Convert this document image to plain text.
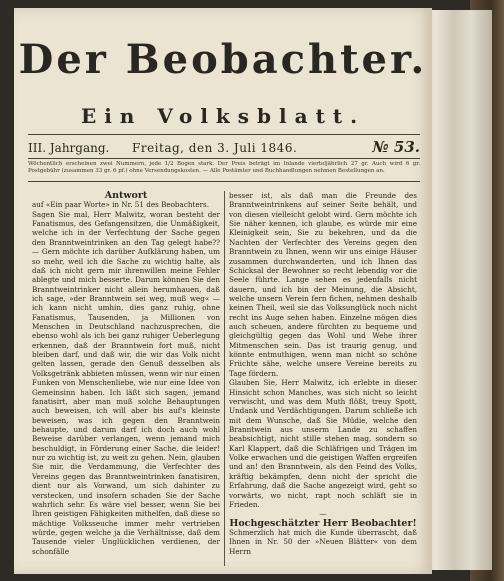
Der Beobachter.
Ein Volksblatt.
III. Jahrgang. Freitag, den 3. Juli 1846.	№ 53.
Wöchentlich erscheinen zwei Nummern, jede 1/2 Bogen stark. Der Preis beträgt im Inlande vierteljährlich 27 gr. Auch wird 6 gr. Postgebühr (zusammen 33 gr. 6 pf.) ohne Versendungskosten. — Alle Postämter und Buchhandlungen nehmen Bestellungen an.

Antwort

auf «Ein paar Worte» in Nr. 51 des Beobachters.

Sagen Sie mal, Herr Malwitz, woran besteht der Fanatismus, des Gefangensitzen, die Unmäßigkeit, welche ich in der Verfechtung der Sache gegen den Branntweintrinken an den Tag gelegt habe?? — Gern möchte ich darüber Aufklärung haben, um so mehr, weil ich die Sache zu wichtig halte, als daß ich nicht gern mir ihrenwillen meine Fehler ablegte und mich besserte. Darum können Sie den Branntweintrinker nicht allein herumhauen, daß ich sage, »der Branntwein sei weg, muß weg« — ich kann nicht umhin, dies ganz ruhig, ohne Fanatismus, Tausenden, ja Millionen von Menschen in Deutschland nachzusprechen, die ebenso wohl als ich bei ganz ruhiger Ueberlegung erkennen, daß der Branntwein fort muß, nicht bleiben darf, und daß wir, die wir das Volk nicht gelten lassen, gerade den Genuß desselben als Volksgetränk abbieten müssen, wenn wir nur einen Funken von Menschenliebe, wie nur eine Idee von Gemeinsinn haben. Ich läßt sich sagen, jemand fanatisirt, aber man muß solche Behauptungen auch beweisen, ich will aber bis auf's kleinste beweisen, was ich gegen den Branntwein behaupte, und darum darf ich doch auch wohl Beweise darüber verlangen, wenn jemand mich beschuldigt, in Förderung einer Sache, die leider! nur zu wichtig ist, zu weit zu gehen. Nein, glauben Sie mir, die Verdammung, die Verfechter des Vereins gegen das Branntweintrinken fanatisiren, dient nur als Vorwand, um sich dahinter zu verstecken, und insofern schaden Sie der Sache wahrlich sehr. Es wäre viel besser, wenn Sie bei Ihren geistigen Fähigkeiten mithelfen, daß diese so mächtige Volksseuche immer mehr vertrieben würde, gegen welche ja die Verhältnisse, daß dem Tausende vieler Unglücklichen verdienen, der schonfälle

besser ist, als daß man die Freunde des Branntweintrinkens auf seiner Seite behält, und von diesen vielleicht gelobt wird. Gern möchte ich Sie näher kennen, ich glaube, es würde mir eine Kleinigkeit sein, Sie zu bekehren, und da die Nachten der Verfechter des Vereins gegen den Branntwein zu Ihnen, wenn wir uns einige Häuser zusammen durchwanderten, und ich Ihnen das Schicksal der Bewohner so recht lebendig vor die Seele führte. Lange sehen es jedenfalls nicht dauern, und ich bin der Meinung, die Absicht, welche unsern Verein fern fichen, nehmen deshalb keinen Theil, weil sie das Volksunglück noch nicht recht ins Auge sehen haben. Einzelne mögen dies auch scheuen, andere fürchten zu bequeme und gleichgültig gegen das Wohl und Wehe ihrer Mitmenschen sein. Das ist traurig genug, und könnte entmuthigen, wenn man nicht so schöne Früchte sähe, welche unsere Vereine bereits zu Tage fördern.

Glauben Sie, Herr Malwitz, ich erlebte in dieser Hinsicht schon Manches, was sich nicht so leicht verwischt, und was dem Muth flößt, treuy Spott, Undank und Verdächtigungen. Darum schließe ich mit dem Wunsche, daß Sie Müdie, welche den Branntwein aus unserm Lande zu schaffen beabsichtigt, nicht stille stehen mag, sondern so Karl Klappert, daß die Schläfrigen und Trägen im Volke erwachen und die geistigen Waffen ergreifen und an! den Branntwein, als den Feind des Volks, kräftig bekämpfen, denn nicht der spricht die Erfahrung, daß die Sache angezeigt wird, geht so vorwärts, wo nicht, rapt noch schläft sie in Frieden.

—

Hochgeschätzter Herr Beobachter!

Schmerzlich hat mich die Kunde überrascht, daß Ihnen in Nr. 50 der »Neuen Blätter« von dem Herrn
